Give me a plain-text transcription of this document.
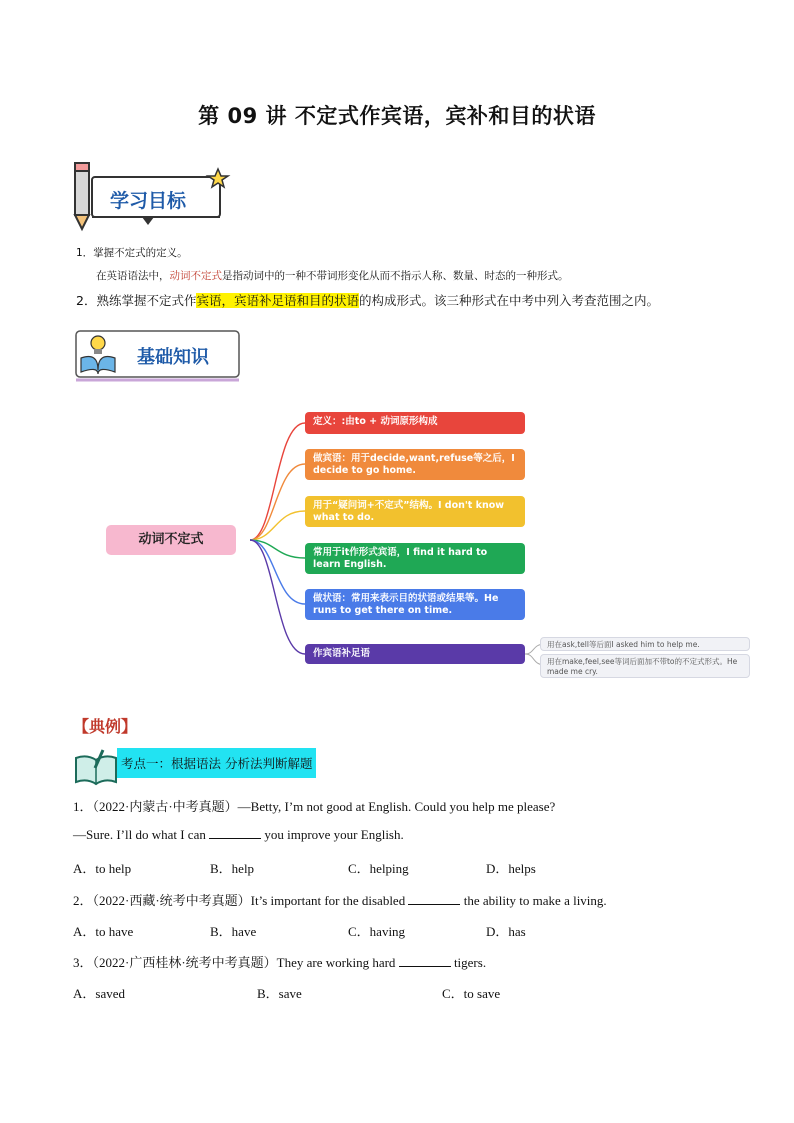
第 09 讲 不定式作宾语，宾补和目的状语
学习目标
1．掌握不定式的定义。
在英语语法中，动词不定式是指动词中的一种不带词形变化从而不指示人称、数量、时态的一种形式。
2．熟练掌握不定式作宾语，宾语补足语和目的状语的构成形式。该三种形式在中考中列入考查范围之内。
基础知识
动词不定式
定义：:由to + 动词原形构成
做宾语：用于decide,want,refuse等之后，I decide to go home.
用于“疑问词+不定式”结构。I don't know what to do.
常用于it作形式宾语，I find it hard to learn English.
做状语：常用来表示目的状语或结果等。He runs to get there on time.
作宾语补足语
用在ask,tell等后面I asked him to help me.
用在make,feel,see等词后面加不带to的不定式形式。He made me cry.
【典例】
考点一：根据语法 分析法判断解题
1．（2022·内蒙古·中考真题）—Betty, I’m not good at English. Could you help me please?
—Sure. I’ll do what I can	you improve your English.
A．to help	B．help	C．helping	D．helps
2．（2022·西藏·统考中考真题）It’s important for the disabled	the ability to make a living.
A．to have	B．have	C．having	D．has
3．（2022·广西桂林·统考中考真题）They are working hard	tigers.
A．saved	B．save	C．to save
